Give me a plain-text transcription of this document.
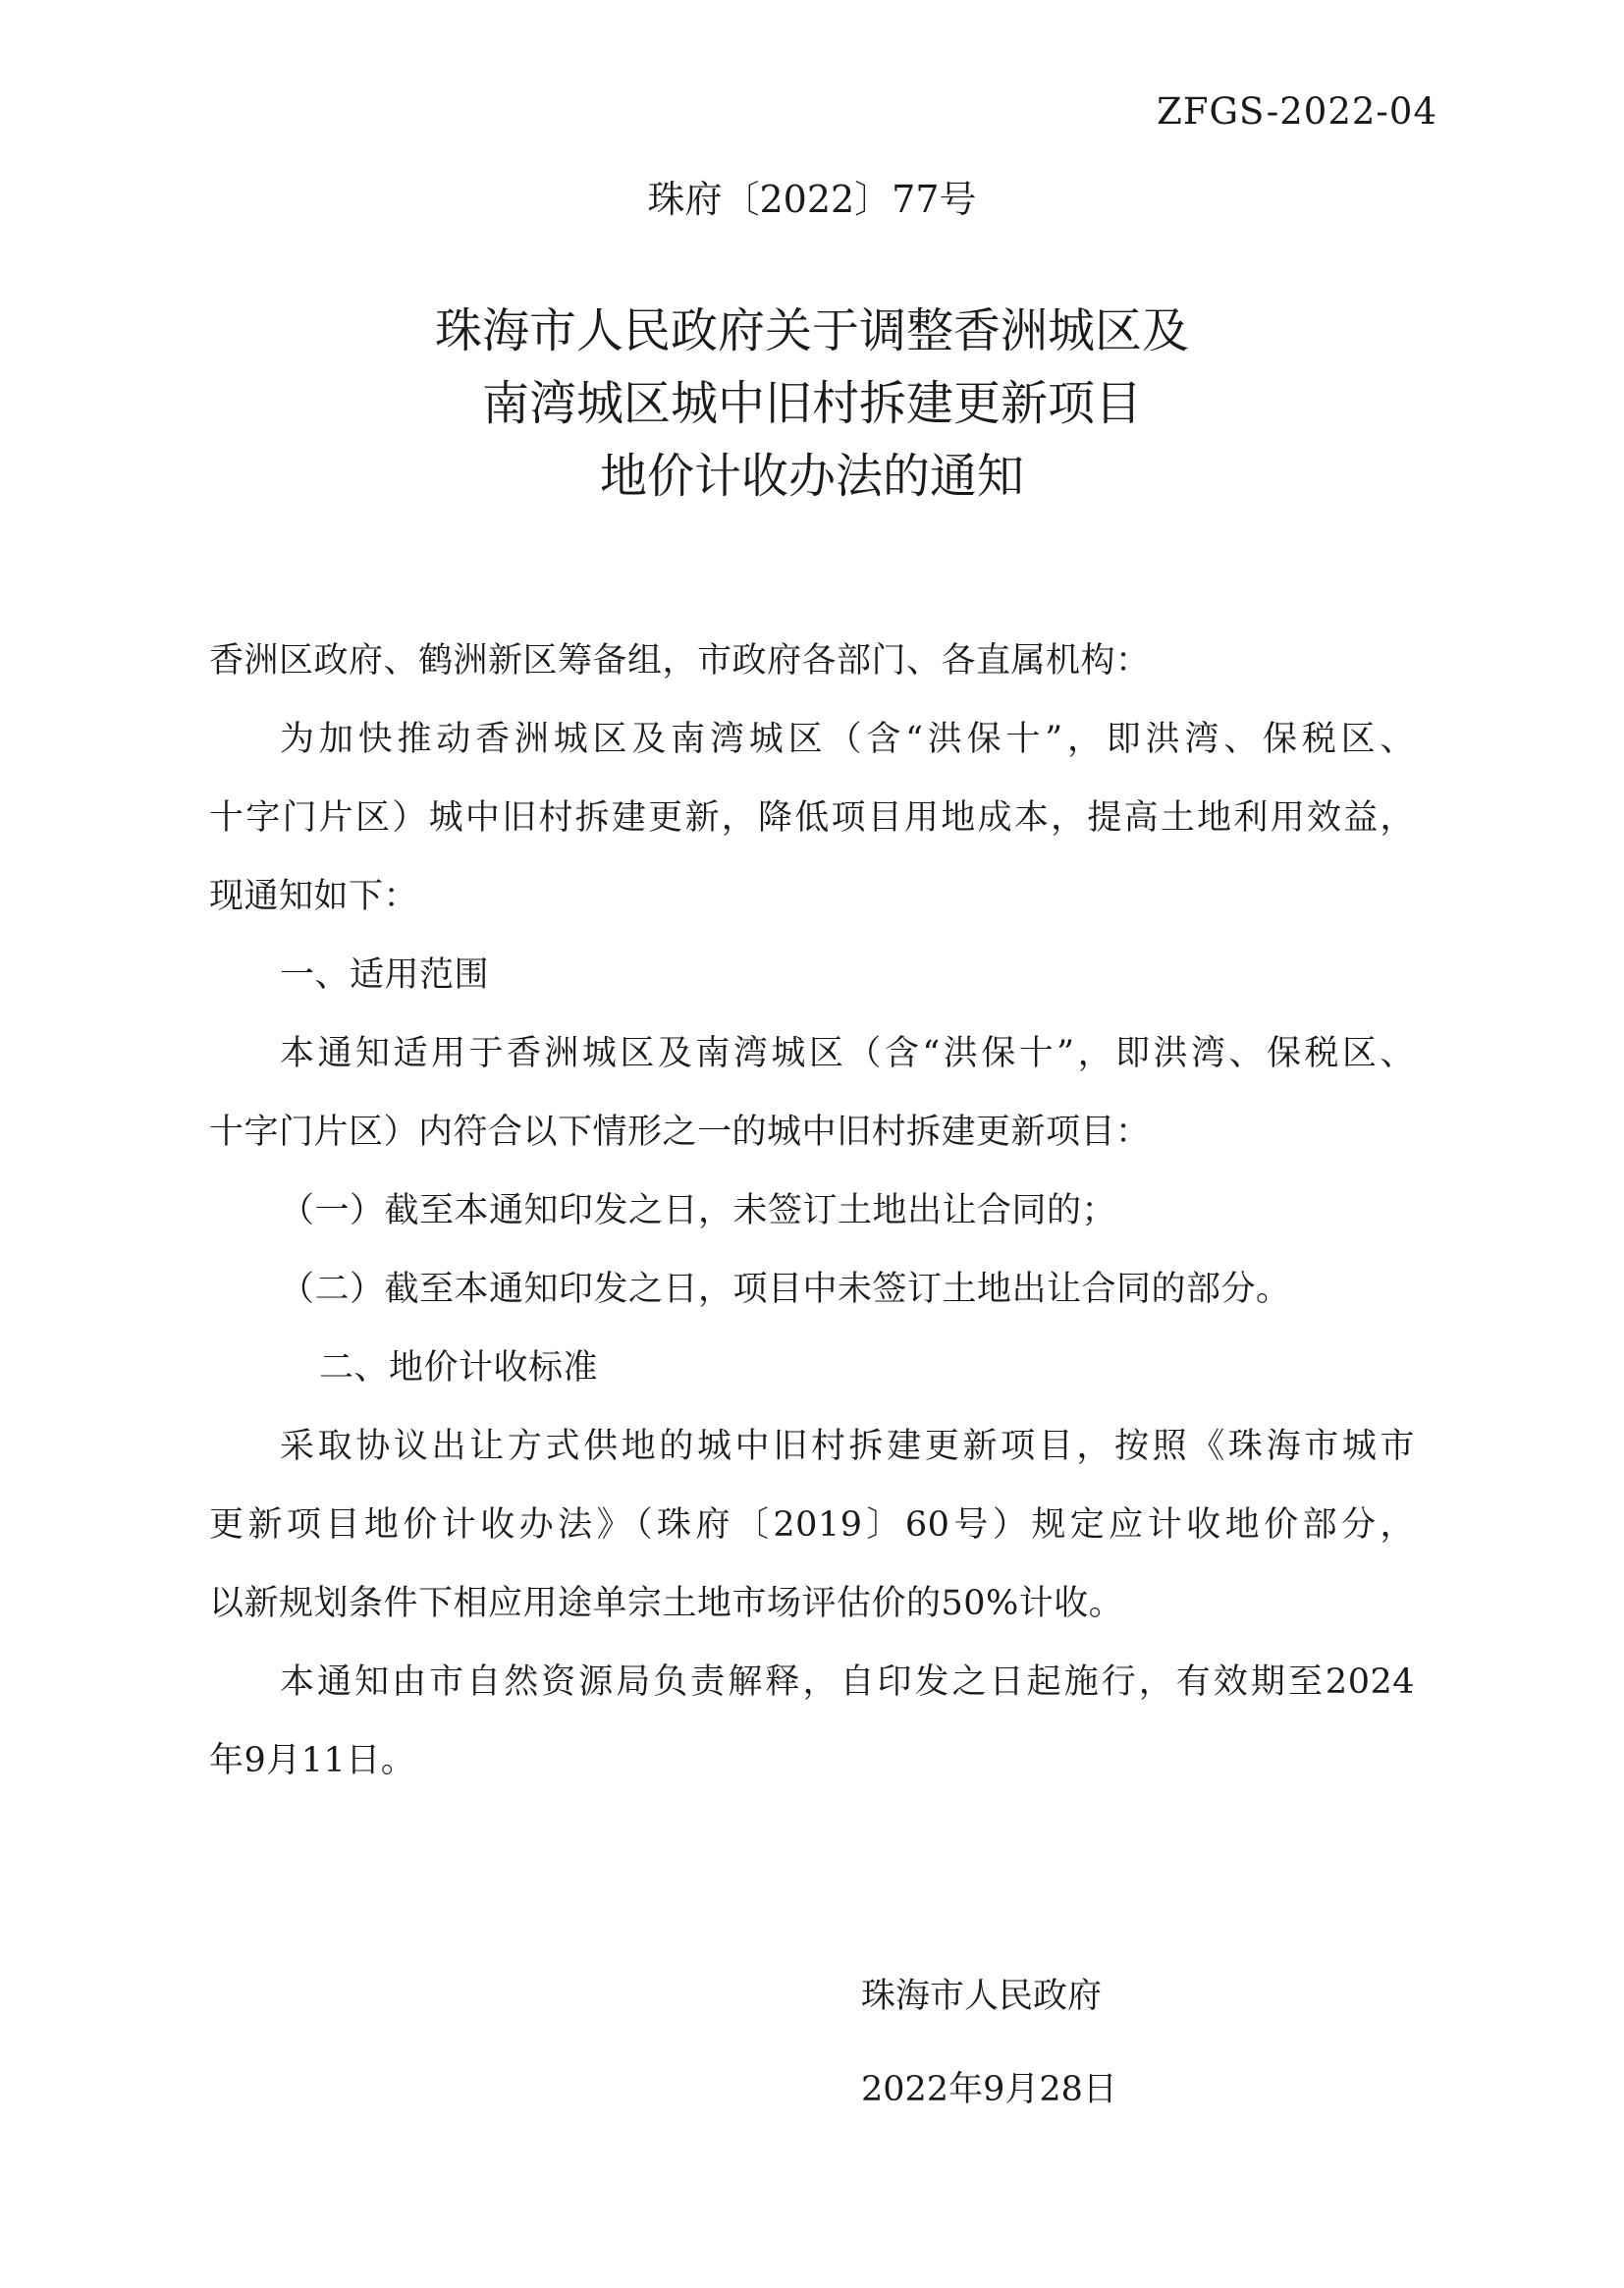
ZFGS-2022-04
珠府〔2022〕77号
珠海市人民政府关于调整香洲城区及
南湾城区城中旧村拆建更新项目
地价计收办法的通知
香洲区政府、鹤洲新区筹备组，市政府各部门、各直属机构：
为加快推动香洲城区及南湾城区（含“洪保十”，即洪湾、保税区、
十字门片区）城中旧村拆建更新，降低项目用地成本，提高土地利用效益，
现通知如下：
一、适用范围
本通知适用于香洲城区及南湾城区（含“洪保十”，即洪湾、保税区、
十字门片区）内符合以下情形之一的城中旧村拆建更新项目：
（一）截至本通知印发之日，未签订土地出让合同的；
（二）截至本通知印发之日，项目中未签订土地出让合同的部分。
二、地价计收标准
采取协议出让方式供地的城中旧村拆建更新项目，按照《珠海市城市
更新项目地价计收办法》（珠府〔2019〕60号）规定应计收地价部分，
以新规划条件下相应用途单宗土地市场评估价的50%计收。
本通知由市自然资源局负责解释，自印发之日起施行，有效期至2024
年9月11日。
珠海市人民政府
2022年9月28日
